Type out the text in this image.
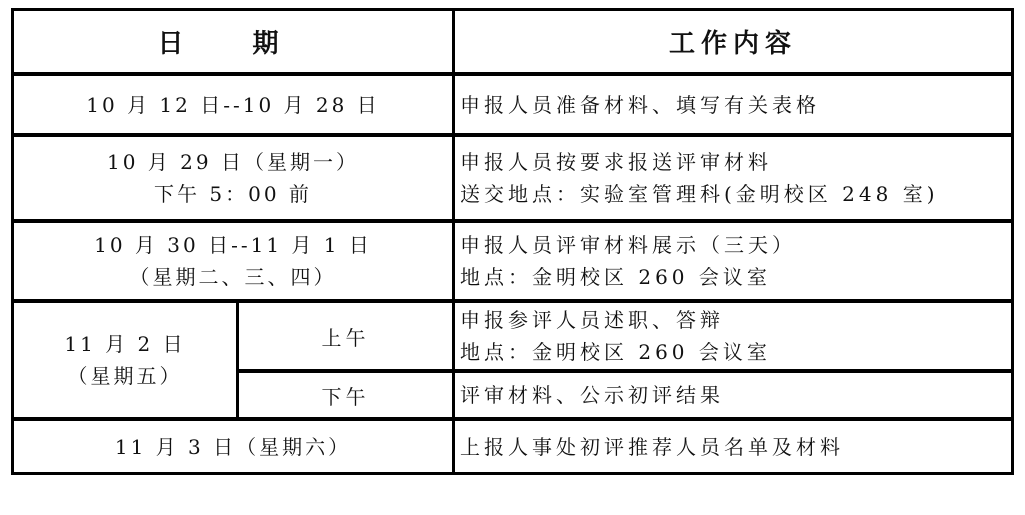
日 期		工作内容

10 月 12 日--10 月 28 日		申报人员准备材料、填写有关表格

10 月 29 日（星期一）
下午 5：00 前		申报人员按要求报送评审材料
送交地点：实验室管理科(金明校区 248 室)

10 月 30 日--11 月 1 日
（星期二、三、四）		申报人员评审材料展示（三天）
地点：金明校区 260 会议室

11 月 2 日
（星期五）	上午	申报参评人员述职、答辩
地点：金明校区 260 会议室

	下午	评审材料、公示初评结果

11 月 3 日（星期六）		上报人事处初评推荐人员名单及材料
